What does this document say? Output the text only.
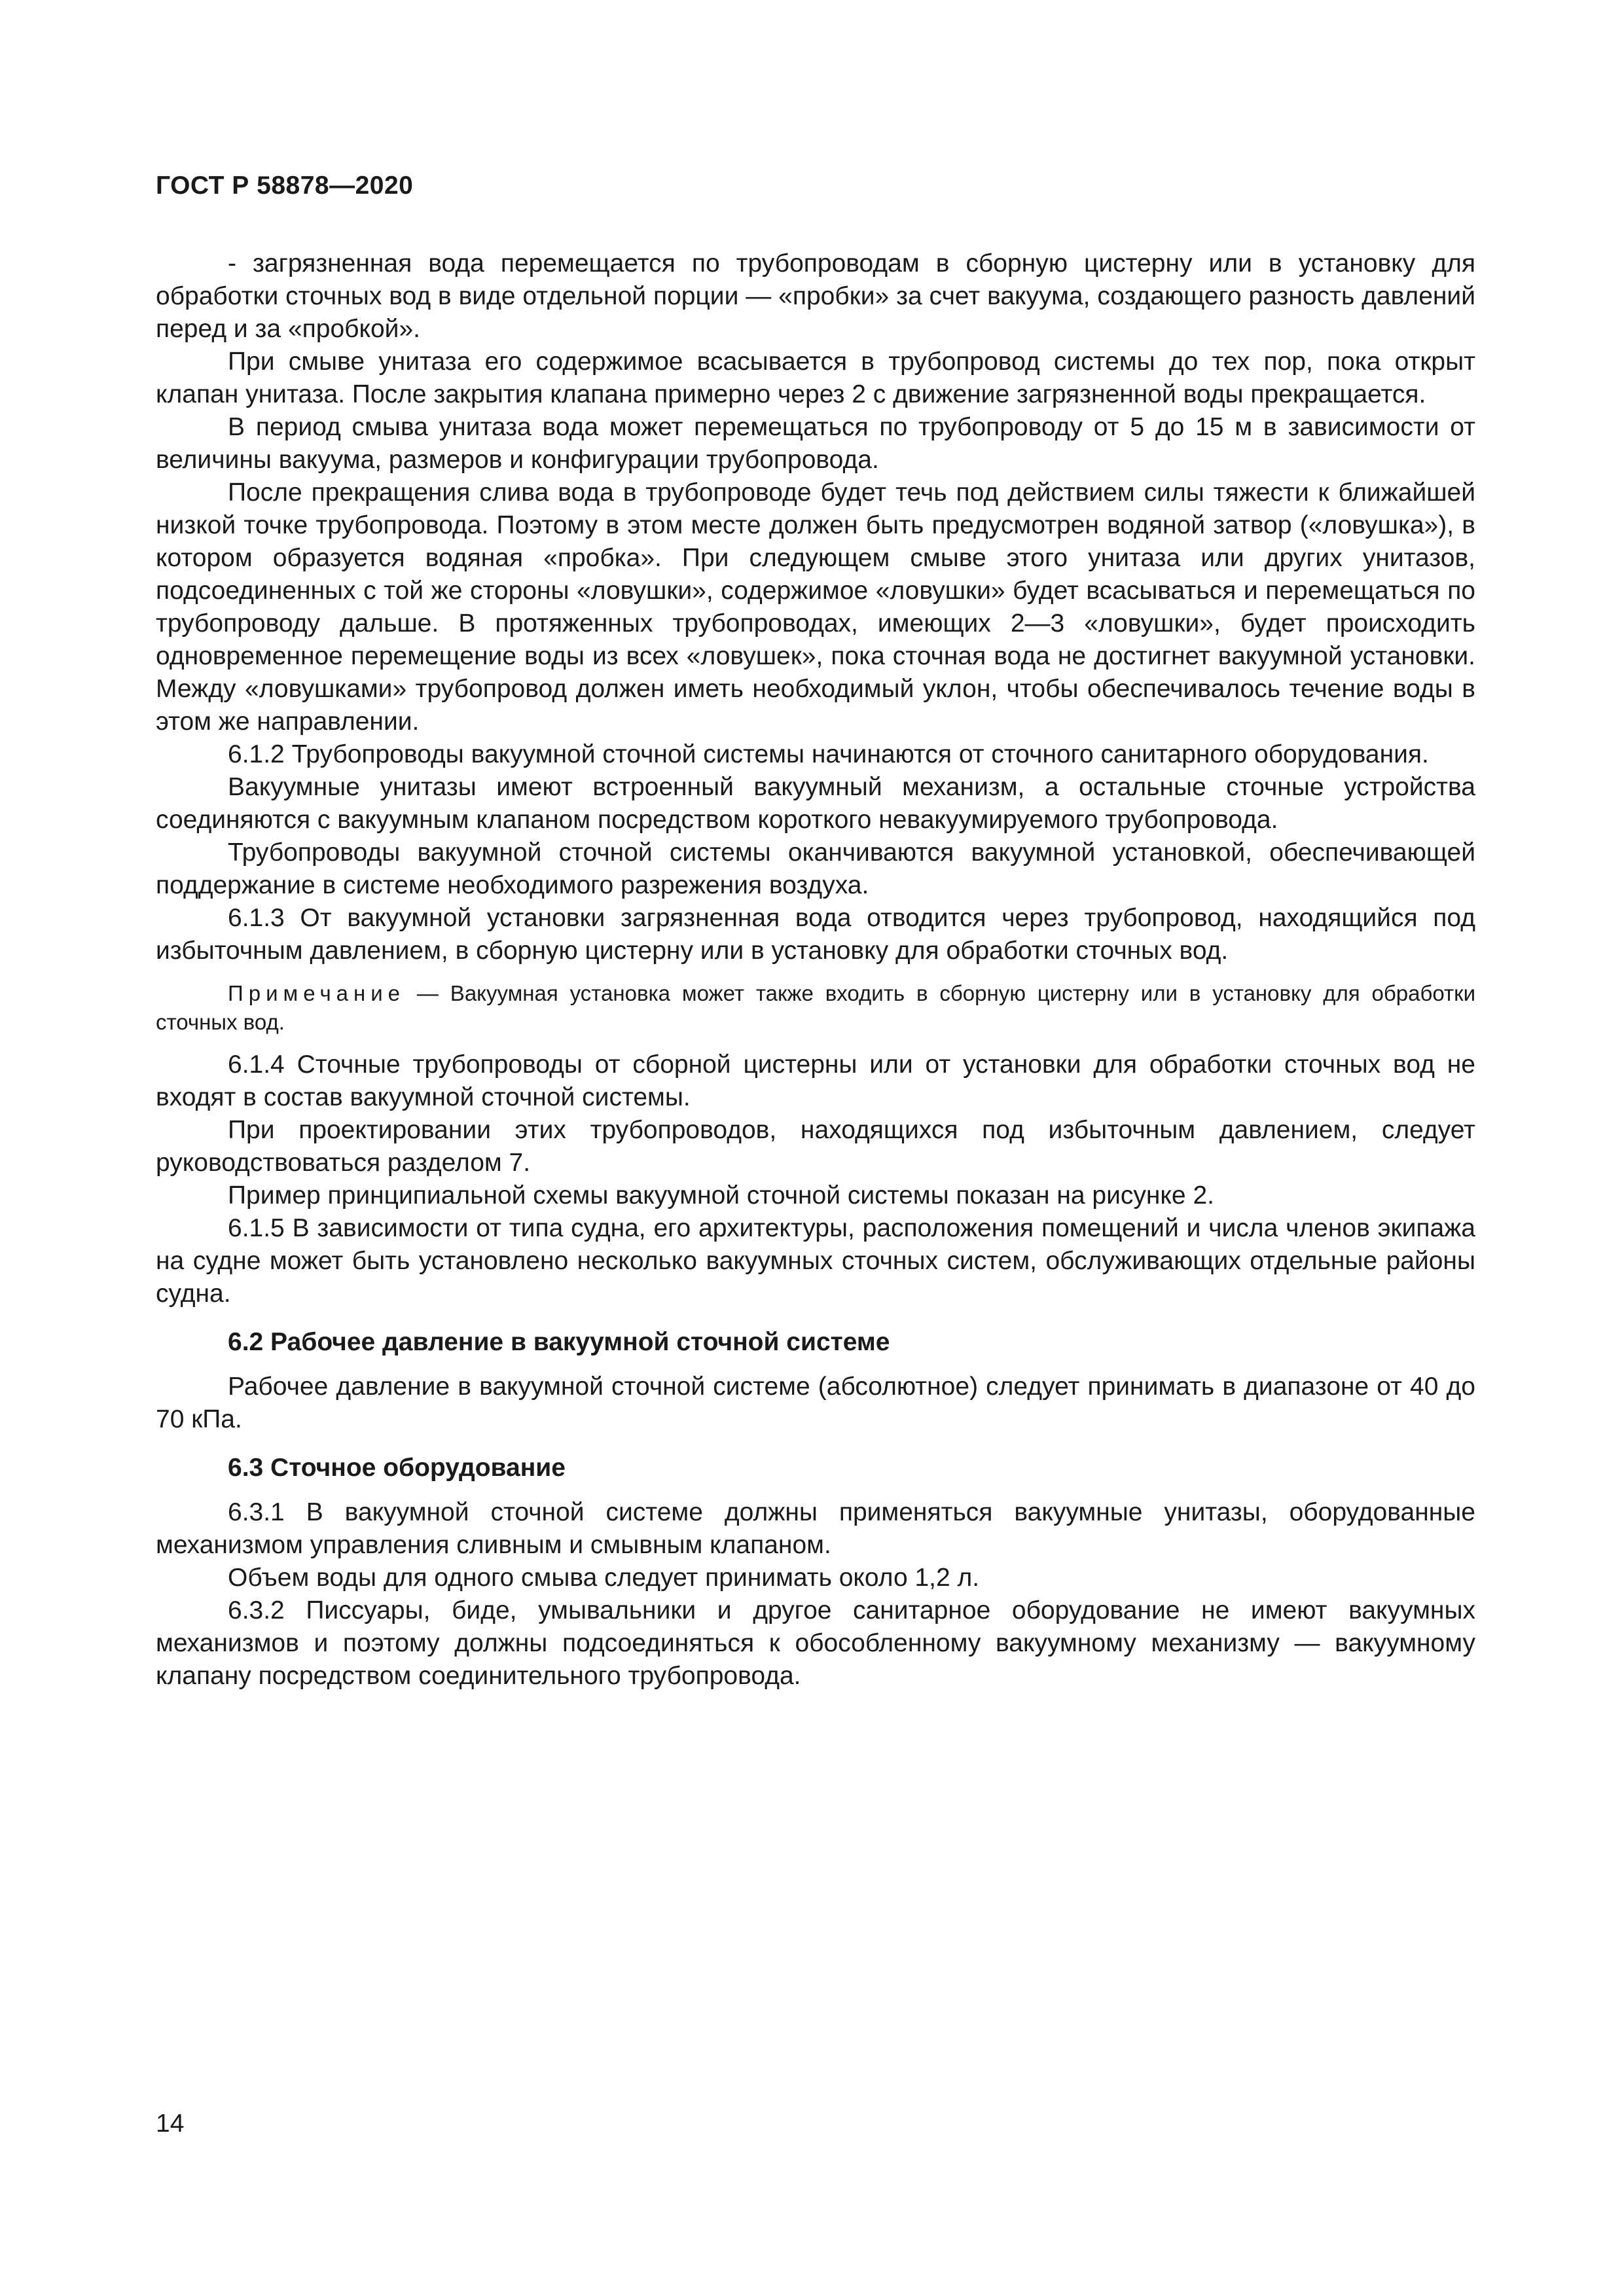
ГОСТ Р 58878—2020

- загрязненная вода перемещается по трубопроводам в сборную цистерну или в установку для обработки сточных вод в виде отдельной порции — «пробки» за счет вакуума, создающего разность давлений перед и за «пробкой».

При смыве унитаза его содержимое всасывается в трубопровод системы до тех пор, пока открыт клапан унитаза. После закрытия клапана примерно через 2 с движение загрязненной воды прекращается.

В период смыва унитаза вода может перемещаться по трубопроводу от 5 до 15 м в зависимости от величины вакуума, размеров и конфигурации трубопровода.

После прекращения слива вода в трубопроводе будет течь под действием силы тяжести к ближайшей низкой точке трубопровода. Поэтому в этом месте должен быть предусмотрен водяной затвор («ловушка»), в котором образуется водяная «пробка». При следующем смыве этого унитаза или других унитазов, подсоединенных с той же стороны «ловушки», содержимое «ловушки» будет всасываться и перемещаться по трубопроводу дальше. В протяженных трубопроводах, имеющих 2—3 «ловушки», будет происходить одновременное перемещение воды из всех «ловушек», пока сточная вода не достигнет вакуумной установки. Между «ловушками» трубопровод должен иметь необходимый уклон, чтобы обеспечивалось течение воды в этом же направлении.

6.1.2 Трубопроводы вакуумной сточной системы начинаются от сточного санитарного оборудования.

Вакуумные унитазы имеют встроенный вакуумный механизм, а остальные сточные устройства соединяются с вакуумным клапаном посредством короткого невакуумируемого трубопровода.

Трубопроводы вакуумной сточной системы оканчиваются вакуумной установкой, обеспечивающей поддержание в системе необходимого разрежения воздуха.

6.1.3 От вакуумной установки загрязненная вода отводится через трубопровод, находящийся под избыточным давлением, в сборную цистерну или в установку для обработки сточных вод.

Примечание — Вакуумная установка может также входить в сборную цистерну или в установку для обработки сточных вод.

6.1.4 Сточные трубопроводы от сборной цистерны или от установки для обработки сточных вод не входят в состав вакуумной сточной системы.

При проектировании этих трубопроводов, находящихся под избыточным давлением, следует руководствоваться разделом 7.

Пример принципиальной схемы вакуумной сточной системы показан на рисунке 2.

6.1.5 В зависимости от типа судна, его архитектуры, расположения помещений и числа членов экипажа на судне может быть установлено несколько вакуумных сточных систем, обслуживающих отдельные районы судна.

6.2 Рабочее давление в вакуумной сточной системе

Рабочее давление в вакуумной сточной системе (абсолютное) следует принимать в диапазоне от 40 до 70 кПа.

6.3 Сточное оборудование

6.3.1 В вакуумной сточной системе должны применяться вакуумные унитазы, оборудованные механизмом управления сливным и смывным клапаном.

Объем воды для одного смыва следует принимать около 1,2 л.

6.3.2 Писсуары, биде, умывальники и другое санитарное оборудование не имеют вакуумных механизмов и поэтому должны подсоединяться к обособленному вакуумному механизму — вакуумному клапану посредством соединительного трубопровода.

14
